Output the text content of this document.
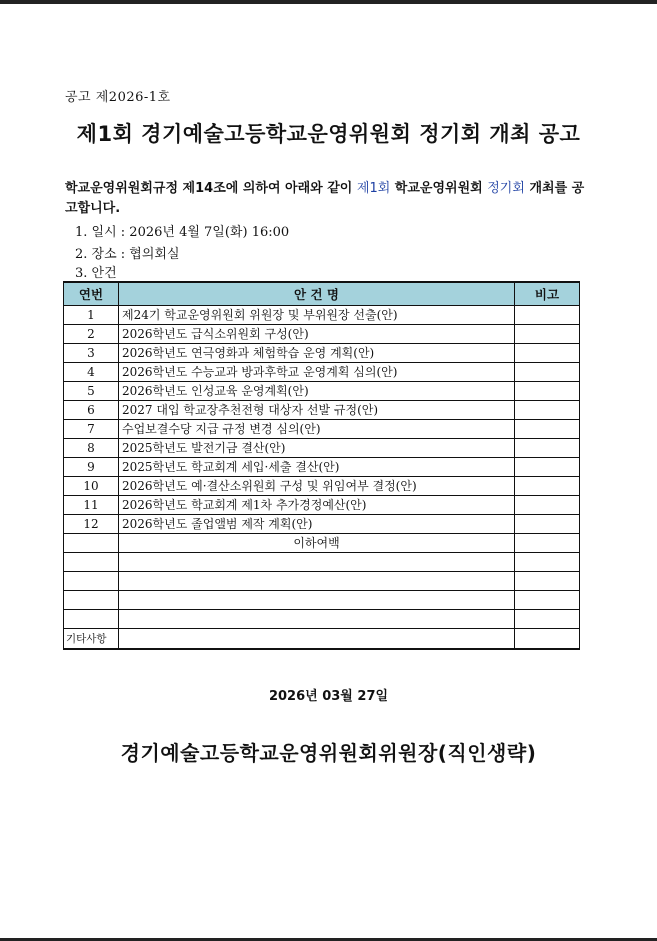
공고 제2026-1호
제1회 경기예술고등학교운영위원회 정기회 개최 공고
학교운영위원회규정 제14조에 의하여 아래와 같이 제1회 학교운영위원회 정기회 개최를 공고합니다.
1. 일시 : 2026년 4월 7일(화) 16:00
2. 장소 : 협의회실
3. 안건
연번	안 건 명	비고
1	제24기 학교운영위원회 위원장 및 부위원장 선출(안)	
2	2026학년도 급식소위원회 구성(안)	
3	2026학년도 연극영화과 체험학습 운영 계획(안)	
4	2026학년도 수능교과 방과후학교 운영계획 심의(안)	
5	2026학년도 인성교육 운영계획(안)	
6	2027 대입 학교장추천전형 대상자 선발 규정(안)	
7	수업보결수당 지급 규정 변경 심의(안)	
8	2025학년도 발전기금 결산(안)	
9	2025학년도 학교회계 세입·세출 결산(안)	
10	2026학년도 예·결산소위원회 구성 및 위임여부 결정(안)	
11	2026학년도 학교회계 제1차 추가경정예산(안)	
12	2026학년도 졸업앨범 제작 계획(안)	
	이하여백	

기타사항		
2026년 03월 27일
경기예술고등학교운영위원회위원장(직인생략)
